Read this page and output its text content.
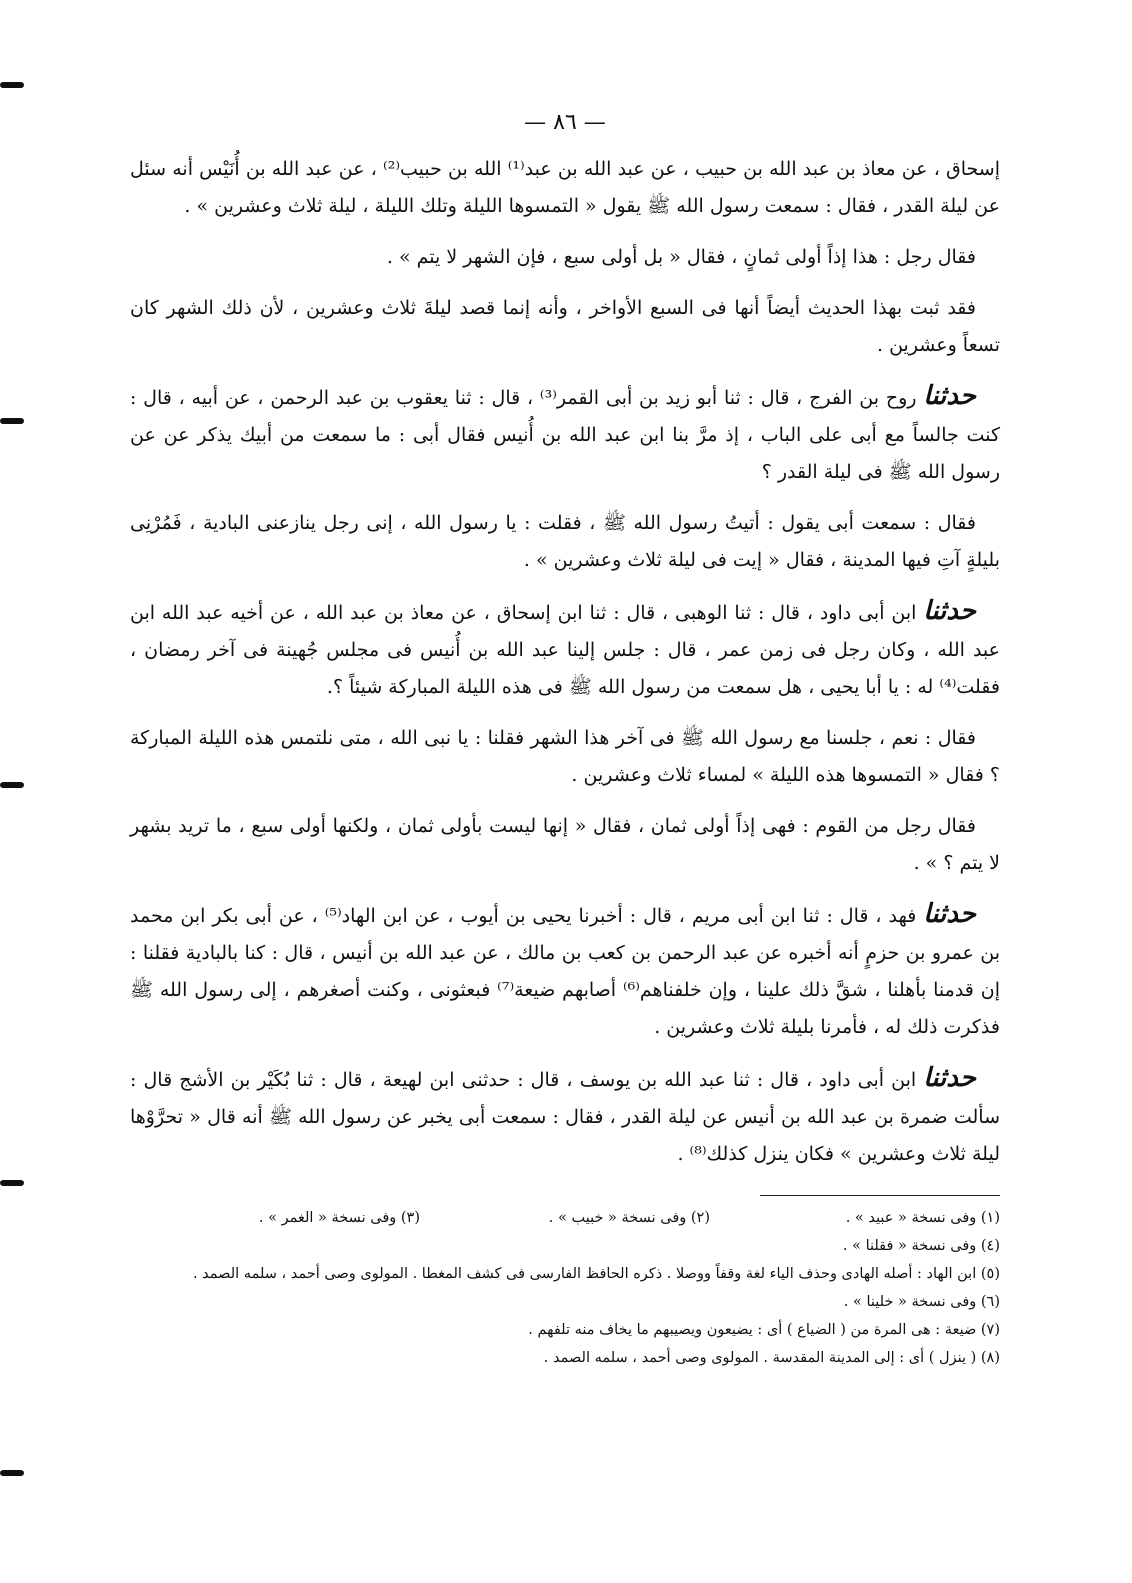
— ٨٦ —

إسحاق ، عن معاذ بن عبد الله بن حبيب ، عن عبد الله بن عبد⁽¹⁾ الله بن حبيب⁽²⁾ ، عن عبد الله بن أُنَيْس أنه سئل عن ليلة القدر ، فقال : سمعت رسول الله ﷺ يقول « التمسوها الليلة وتلك الليلة ، ليلة ثلاث وعشرين » .

فقال رجل : هذا إذاً أولى ثمانٍ ، فقال « بل أولى سبع ، فإن الشهر لا يتم » .

فقد ثبت بهذا الحديث أيضاً أنها فى السبع الأواخر ، وأنه إنما قصد ليلةَ ثلاث وعشرين ، لأن ذلك الشهر كان تسعاً وعشرين .

حدثنا روح بن الفرج ، قال : ثنا أبو زيد بن أبى القمر⁽³⁾ ، قال : ثنا يعقوب بن عبد الرحمن ، عن أبيه ، قال : كنت جالساً مع أبى على الباب ، إذ مرَّ بنا ابن عبد الله بن أُنيس فقال أبى : ما سمعت من أبيك يذكر عن عن رسول الله ﷺ فى ليلة القدر ؟

فقال : سمعت أبى يقول : أتيتُ رسول الله ﷺ ، فقلت : يا رسول الله ، إنى رجل ينازعنى البادية ، فَمُرْنِى بليلةٍ آتِ فيها المدينة ، فقال « إيت فى ليلة ثلاث وعشرين » .

حدثنا ابن أبى داود ، قال : ثنا الوهبى ، قال : ثنا ابن إسحاق ، عن معاذ بن عبد الله ، عن أخيه عبد الله ابن عبد الله ، وكان رجل فى زمن عمر ، قال : جلس إلينا عبد الله بن أُنيس فى مجلس جُهينة فى آخر رمضان ، فقلت⁽⁴⁾ له : يا أبا يحيى ، هل سمعت من رسول الله ﷺ فى هذه الليلة المباركة شيئاً ؟.

فقال : نعم ، جلسنا مع رسول الله ﷺ فى آخر هذا الشهر فقلنا : يا نبى الله ، متى نلتمس هذه الليلة المباركة ؟ فقال « التمسوها هذه الليلة » لمساء ثلاث وعشرين .

فقال رجل من القوم : فهى إذاً أولى ثمان ، فقال « إنها ليست بأولى ثمان ، ولكنها أولى سبع ، ما تريد بشهر لا يتم ؟ » .

حدثنا فهد ، قال : ثنا ابن أبى مريم ، قال : أخبرنا يحيى بن أيوب ، عن ابن الهاد⁽⁵⁾ ، عن أبى بكر ابن محمد بن عمرو بن حزمٍ أنه أخبره عن عبد الرحمن بن كعب بن مالك ، عن عبد الله بن أنيس ، قال : كنا بالبادية فقلنا : إن قدمنا بأهلنا ، شقَّ ذلك علينا ، وإن خلفناهم⁽⁶⁾ أصابهم ضيعة⁽⁷⁾ فبعثونى ، وكنت أصغرهم ، إلى رسول الله ﷺ فذكرت ذلك له ، فأمرنا بليلة ثلاث وعشرين .

حدثنا ابن أبى داود ، قال : ثنا عبد الله بن يوسف ، قال : حدثنى ابن لهيعة ، قال : ثنا بُكَيْر بن الأشج قال : سألت ضمرة بن عبد الله بن أنيس عن ليلة القدر ، فقال : سمعت أبى يخبر عن رسول الله ﷺ أنه قال « تحرَّوْها ليلة ثلاث وعشرين » فكان ينزل كذلك⁽⁸⁾ .

(١) وفى نسخة « عبيد » .
(٢) وفى نسخة « خبيب » .
(٣) وفى نسخة « الغمر » .

(٤) وفى نسخة « فقلنا » .

(٥) ابن الهاد : أصله الهادى وحذف الياء لغة وقفاً ووصلا . ذكره الحافظ الفارسى فى كشف المغطا . المولوى وصى أحمد ، سلمه الصمد .

(٦) وفى نسخة « خلينا » .

(٧) ضيعة : هى المرة من ( الضياع ) أى : يضيعون ويصيبهم ما يخاف منه تلفهم .

(٨) ( ينزل ) أى : إلى المدينة المقدسة . المولوى وصى أحمد ، سلمه الصمد .
